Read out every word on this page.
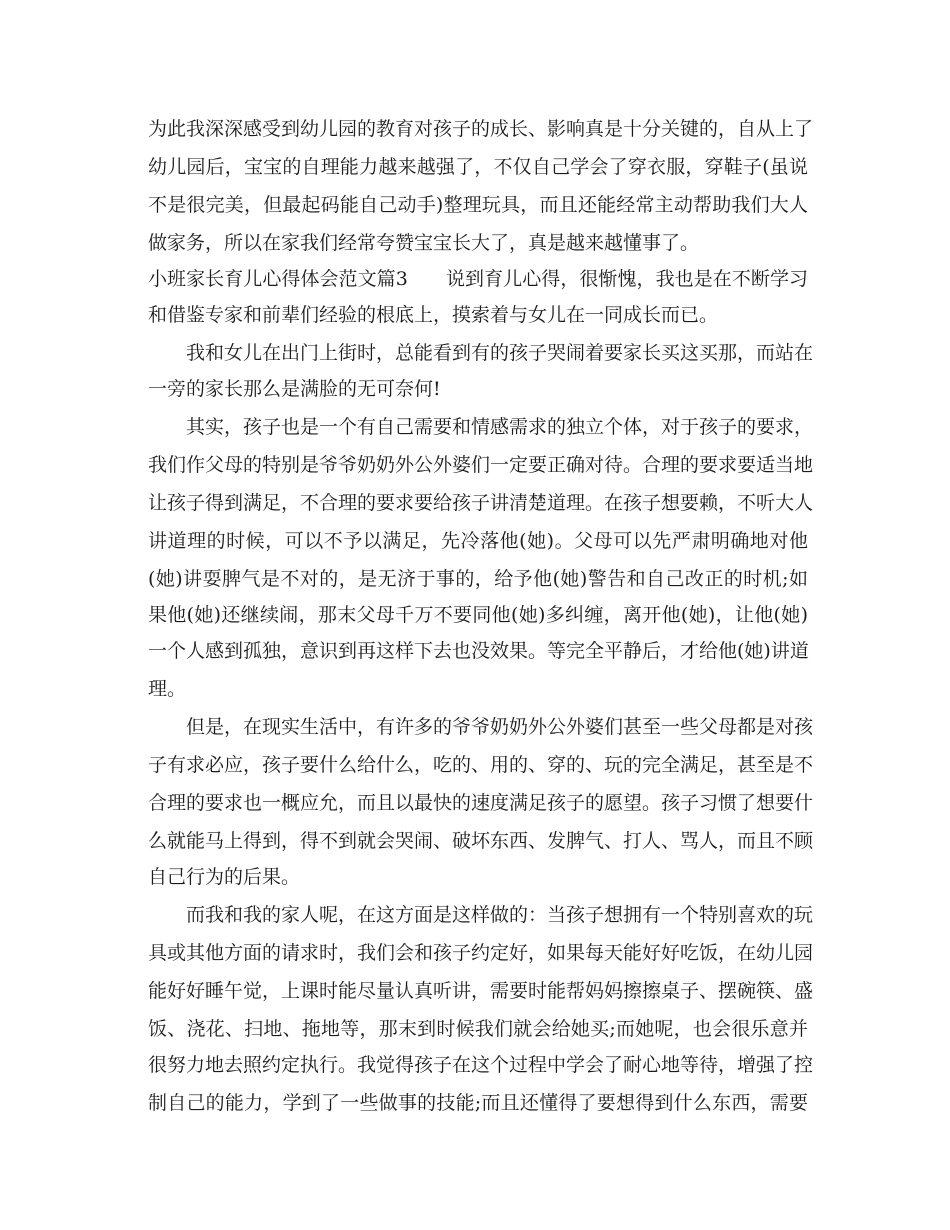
为此我深深感受到幼儿园的教育对孩子的成长、影响真是十分关键的，自从上了
幼儿园后，宝宝的自理能力越来越强了，不仅自己学会了穿衣服，穿鞋子(虽说
不是很完美，但最起码能自己动手)整理玩具，而且还能经常主动帮助我们大人
做家务，所以在家我们经常夸赞宝宝长大了，真是越来越懂事了。
小班家长育儿心得体会范文篇3　　说到育儿心得，很惭愧，我也是在不断学习
和借鉴专家和前辈们经验的根底上，摸索着与女儿在一同成长而已。
　　我和女儿在出门上街时，总能看到有的孩子哭闹着要家长买这买那，而站在
一旁的家长那么是满脸的无可奈何!
　　其实，孩子也是一个有自己需要和情感需求的独立个体，对于孩子的要求，
我们作父母的特别是爷爷奶奶外公外婆们一定要正确对待。合理的要求要适当地
让孩子得到满足，不合理的要求要给孩子讲清楚道理。在孩子想要赖，不听大人
讲道理的时候，可以不予以满足，先冷落他(她)。父母可以先严肃明确地对他
(她)讲耍脾气是不对的，是无济于事的，给予他(她)警告和自己改正的时机;如
果他(她)还继续闹，那末父母千万不要同他(她)多纠缠，离开他(她)，让他(她)
一个人感到孤独，意识到再这样下去也没效果。等完全平静后，才给他(她)讲道
理。
　　但是，在现实生活中，有许多的爷爷奶奶外公外婆们甚至一些父母都是对孩
子有求必应，孩子要什么给什么，吃的、用的、穿的、玩的完全满足，甚至是不
合理的要求也一概应允，而且以最快的速度满足孩子的愿望。孩子习惯了想要什
么就能马上得到，得不到就会哭闹、破坏东西、发脾气、打人、骂人，而且不顾
自己行为的后果。
　　而我和我的家人呢，在这方面是这样做的：当孩子想拥有一个特别喜欢的玩
具或其他方面的请求时，我们会和孩子约定好，如果每天能好好吃饭，在幼儿园
能好好睡午觉，上课时能尽量认真听讲，需要时能帮妈妈擦擦桌子、摆碗筷、盛
饭、浇花、扫地、拖地等，那末到时候我们就会给她买;而她呢，也会很乐意并
很努力地去照约定执行。我觉得孩子在这个过程中学会了耐心地等待，增强了控
制自己的能力，学到了一些做事的技能;而且还懂得了要想得到什么东西，需要
